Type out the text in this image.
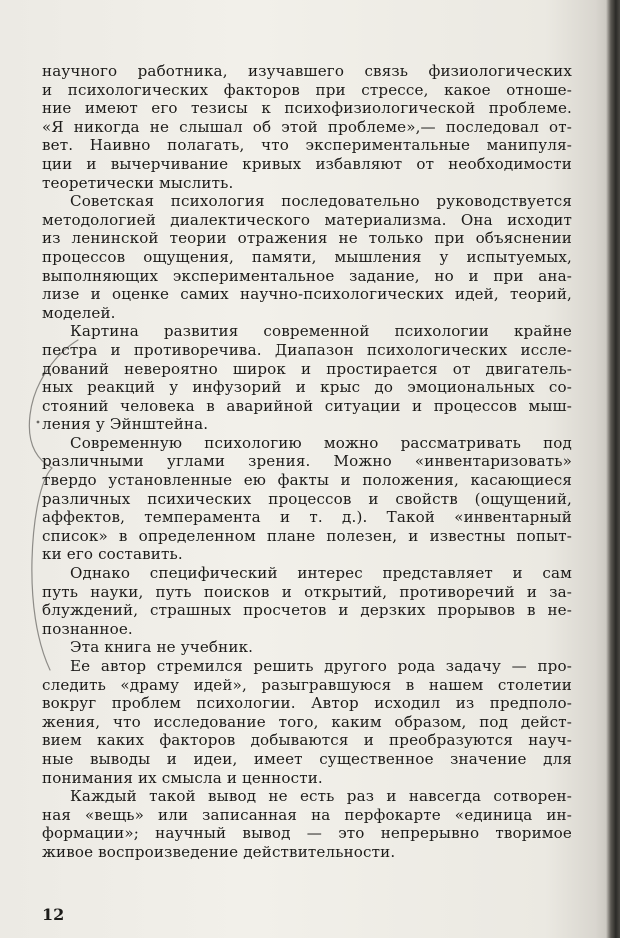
научного работника, изучавшего связь физиологических
и психологических факторов при стрессе, какое отноше-
ние имеют его тезисы к психофизиологической проблеме.
«Я никогда не слышал об этой проблеме»,— последовал от-
вет. Наивно полагать, что экспериментальные манипуля-
ции и вычерчивание кривых избавляют от необходимости
теоретически мыслить.
Советская психология последовательно руководствуется
методологией диалектического материализма. Она исходит
из ленинской теории отражения не только при объяснении
процессов ощущения, памяти, мышления у испытуемых,
выполняющих экспериментальное задание, но и при ана-
лизе и оценке самих научно-психологических идей, теорий,
моделей.
Картина развития современной психологии крайне
пестра и противоречива. Диапазон психологических иссле-
дований невероятно широк и простирается от двигатель-
ных реакций у инфузорий и крыс до эмоциональных со-
стояний человека в аварийной ситуации и процессов мыш-
ления у Эйнштейна.
Современную психологию можно рассматривать под
различными углами зрения. Можно «инвентаризовать»
твердо установленные ею факты и положения, касающиеся
различных психических процессов и свойств (ощущений,
аффектов, темперамента и т. д.). Такой «инвентарный
список» в определенном плане полезен, и известны попыт-
ки его составить.
Однако специфический интерес представляет и сам
путь науки, путь поисков и открытий, противоречий и за-
блуждений, страшных просчетов и дерзких прорывов в не-
познанное.
Эта книга не учебник.
Ее автор стремился решить другого рода задачу — про-
следить «драму идей», разыгравшуюся в нашем столетии
вокруг проблем психологии. Автор исходил из предполо-
жения, что исследование того, каким образом, под дейст-
вием каких факторов добываются и преобразуются науч-
ные выводы и идеи, имеет существенное значение для
понимания их смысла и ценности.
Каждый такой вывод не есть раз и навсегда сотворен-
ная «вещь» или записанная на перфокарте «единица ин-
формации»; научный вывод — это непрерывно творимое
живое воспроизведение действительности.
12
